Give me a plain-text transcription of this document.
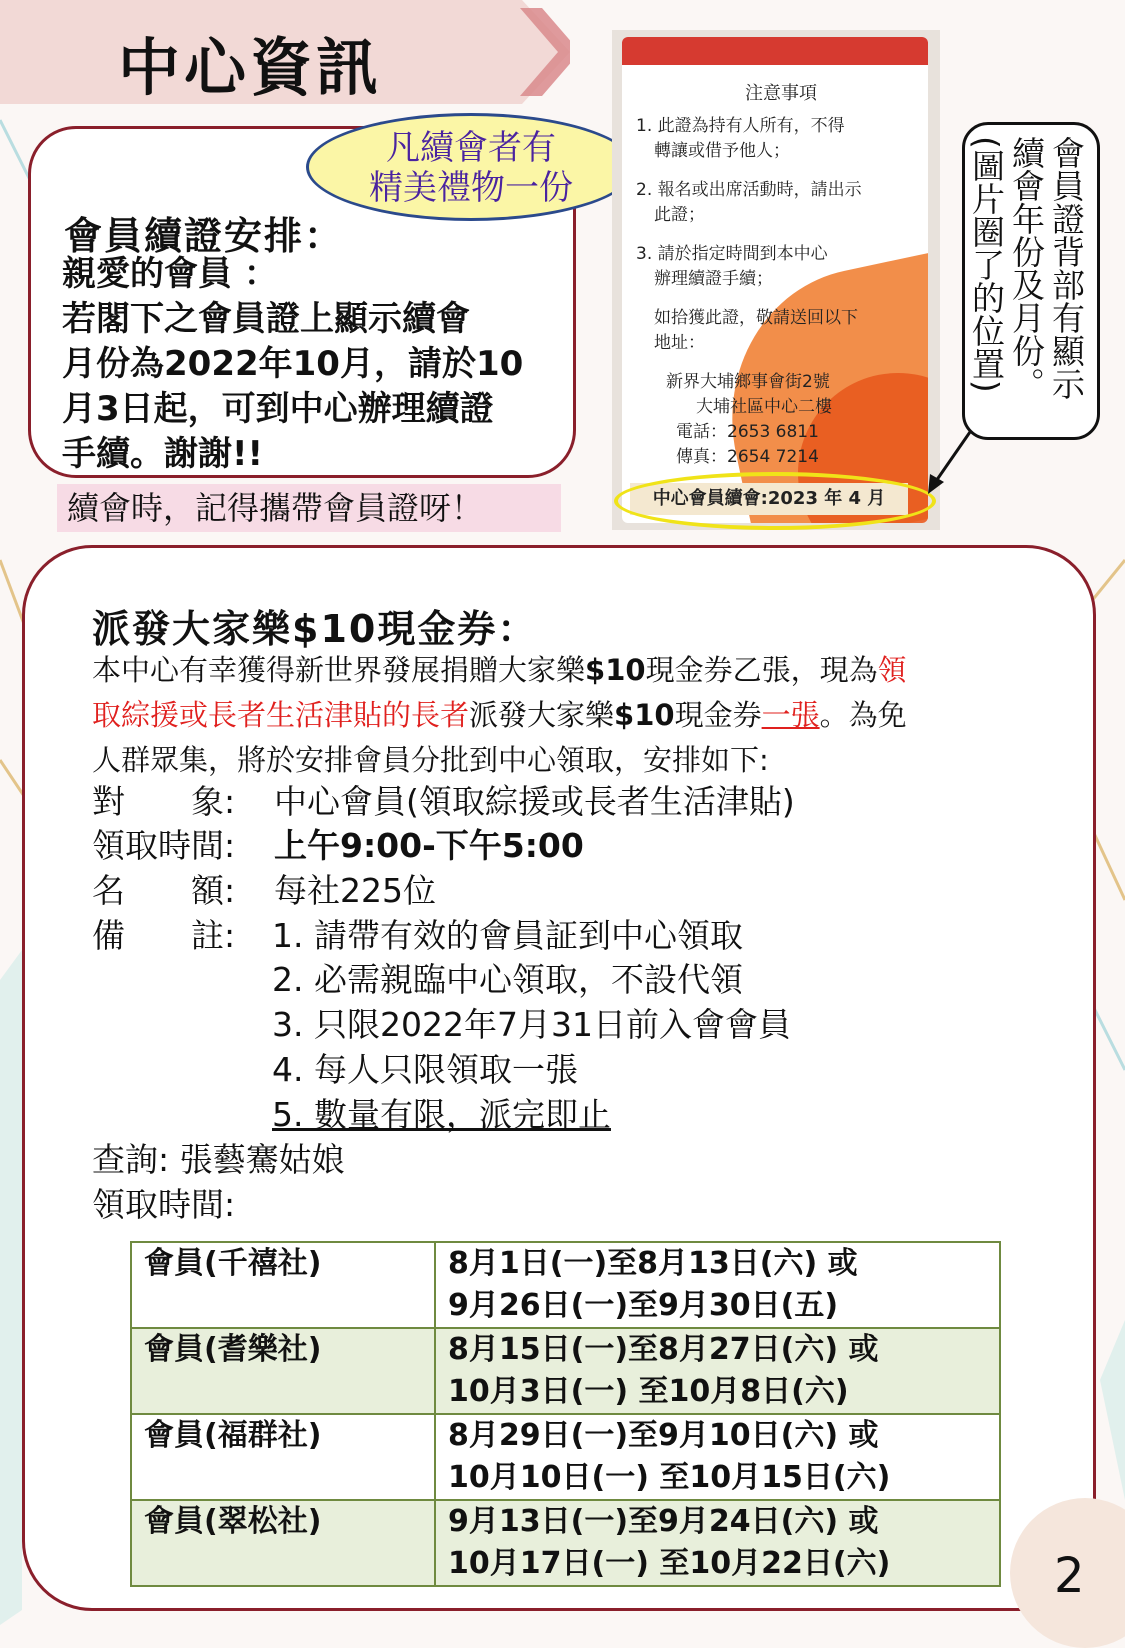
中心資訊
會員續證安排：
親愛的會員 ：
若閣下之會員證上顯示續會
月份為2022年10月，請於10
月3日起，可到中心辦理續證
手續。謝謝!!
續會時，記得攜帶會員證呀！
凡續會者有
精美禮物一份
注意事項
1. 此證為持有人所有，不得
轉讓或借予他人；
2. 報名或出席活動時，請出示
此證；
3. 請於指定時間到本中心
辦理續證手續；
如拾獲此證，敬請送回以下
地址：
新界大埔鄉事會街2號
大埔社區中心二樓
電話：2653 6811
傳真：2654 7214
中心會員續會:2023 年 4 月
會員證背部有顯示
續會年份及月份。
(圖片圈了的位置)
派發大家樂$10現金券：
本中心有幸獲得新世界發展捐贈大家樂$10現金券乙張，現為領
取綜援或長者生活津貼的長者派發大家樂$10現金券一張。為免
人群眾集，將於安排會員分批到中心領取，安排如下:
對　　象: 中心會員(領取綜援或長者生活津貼)
領取時間: 上午9:00-下午5:00
名　　額: 每社225位
備　　註: 1. 請帶有效的會員証到中心領取
2. 必需親臨中心領取，不設代領
3. 只限2022年7月31日前入會會員
4. 每人只限領取一張
5. 數量有限，派完即止
查詢: 張藝騫姑娘
領取時間:
會員(千禧社)	8月1日(一)至8月13日(六) 或
9月26日(一)至9月30日(五)

會員(耆樂社)	8月15日(一)至8月27日(六) 或
10月3日(一) 至10月8日(六)

會員(福群社)	8月29日(一)至9月10日(六) 或
10月10日(一) 至10月15日(六)

會員(翠松社)	9月13日(一)至9月24日(六) 或
10月17日(一) 至10月22日(六)	2
